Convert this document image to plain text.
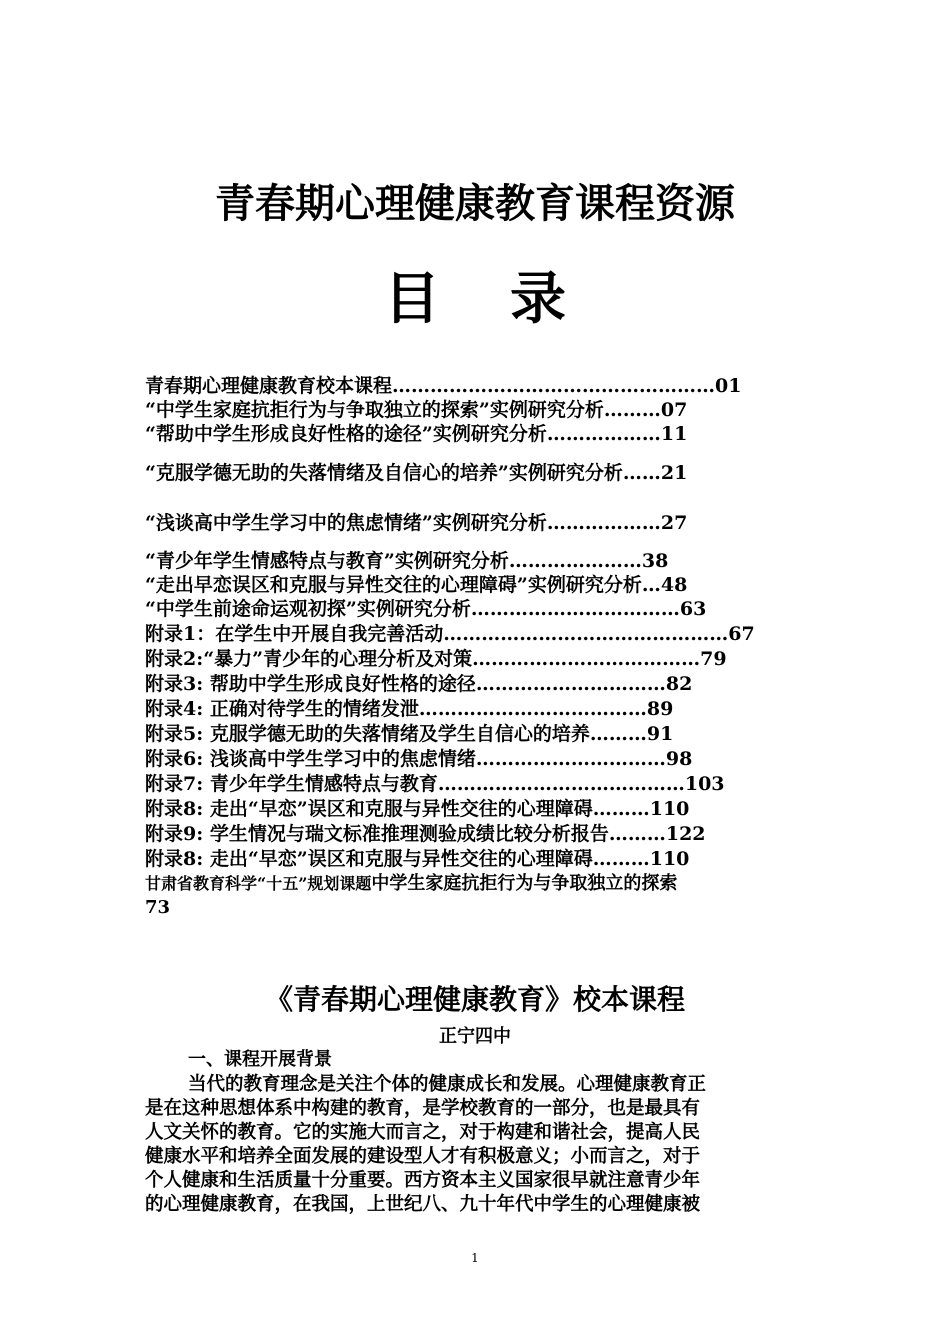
青春期心理健康教育课程资源
目录
青春期心理健康教育校本课程……………………………………………01
“中学生家庭抗拒行为与争取独立的探索”实例研究分析………07
“帮助中学生形成良好性格的途径”实例研究分析………………11
“克服学德无助的失落情绪及自信心的培养”实例研究分析……21
“浅谈高中学生学习中的焦虑情绪”实例研究分析………………27
“青少年学生情感特点与教育”实例研究分析…………………38
“走出早恋误区和克服与异性交往的心理障碍”实例研究分析…48
“中学生前途命运观初探”实例研究分析……………………………63
附录1：在学生中开展自我完善活动………………………………………67
附录2:“暴力”青少年的心理分析及对策………………………………79
附录3: 帮助中学生形成良好性格的途径…………………………82
附录4: 正确对待学生的情绪发泄………………………………89
附录5: 克服学德无助的失落情绪及学生自信心的培养………91
附录6: 浅谈高中学生学习中的焦虑情绪…………………………98
附录7: 青少年学生情感特点与教育…………………………………103
附录8: 走出“早恋”误区和克服与异性交往的心理障碍………110
附录9: 学生情况与瑞文标准推理测验成绩比较分析报告………122
附录8: 走出“早恋”误区和克服与异性交往的心理障碍………110
甘肃省教育科学“十五”规划课题中学生家庭抗拒行为与争取独立的探索
73
《青春期心理健康教育》校本课程
正宁四中
一、课程开展背景
当代的教育理念是关注个体的健康成长和发展。心理健康教育正
是在这种思想体系中构建的教育，是学校教育的一部分，也是最具有
人文关怀的教育。它的实施大而言之，对于构建和谐社会，提高人民
健康水平和培养全面发展的建设型人才有积极意义；小而言之，对于
个人健康和生活质量十分重要。西方资本主义国家很早就注意青少年
的心理健康教育，在我国，上世纪八、九十年代中学生的心理健康被
1
